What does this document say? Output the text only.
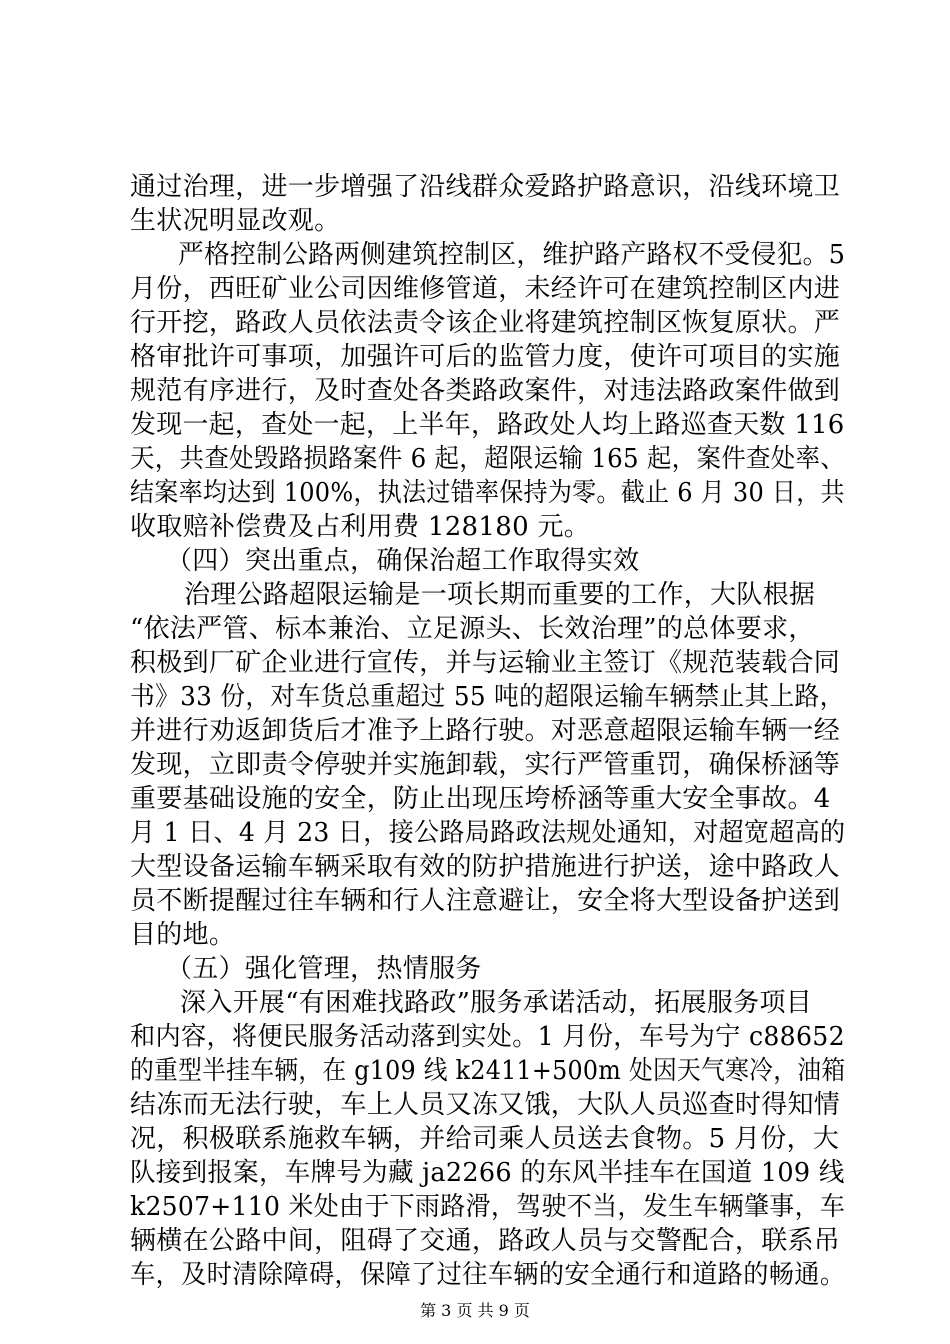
通过治理，进一步增强了沿线群众爱路护路意识，沿线环境卫
生状况明显改观。
严格控制公路两侧建筑控制区，维护路产路权不受侵犯。5
月份，西旺矿业公司因维修管道，未经许可在建筑控制区内进
行开挖，路政人员依法责令该企业将建筑控制区恢复原状。严
格审批许可事项，加强许可后的监管力度，使许可项目的实施
规范有序进行，及时查处各类路政案件，对违法路政案件做到
发现一起，查处一起，上半年，路政处人均上路巡查天数 116
天，共查处毁路损路案件 6 起，超限运输 165 起，案件查处率、
结案率均达到 100%，执法过错率保持为零。截止 6 月 30 日，共
收取赔补偿费及占利用费 128180 元。
（四）突出重点，确保治超工作取得实效
治理公路超限运输是一项长期而重要的工作，大队根据
“依法严管、标本兼治、立足源头、长效治理”的总体要求，
积极到厂矿企业进行宣传，并与运输业主签订《规范装载合同
书》33 份，对车货总重超过 55 吨的超限运输车辆禁止其上路，
并进行劝返卸货后才准予上路行驶。对恶意超限运输车辆一经
发现，立即责令停驶并实施卸载，实行严管重罚，确保桥涵等
重要基础设施的安全，防止出现压垮桥涵等重大安全事故。4
月 1 日、4 月 23 日，接公路局路政法规处通知，对超宽超高的
大型设备运输车辆采取有效的防护措施进行护送，途中路政人
员不断提醒过往车辆和行人注意避让，安全将大型设备护送到
目的地。
（五）强化管理，热情服务
深入开展“有困难找路政”服务承诺活动，拓展服务项目
和内容，将便民服务活动落到实处。1 月份，车号为宁 c88652
的重型半挂车辆，在 g109 线 k2411+500m 处因天气寒冷，油箱
结冻而无法行驶，车上人员又冻又饿，大队人员巡查时得知情
况，积极联系施救车辆，并给司乘人员送去食物。5 月份，大
队接到报案，车牌号为藏 ja2266 的东风半挂车在国道 109 线
k2507+110 米处由于下雨路滑，驾驶不当，发生车辆肇事，车
辆横在公路中间，阻碍了交通，路政人员与交警配合，联系吊
车，及时清除障碍，保障了过往车辆的安全通行和道路的畅通。
第 3 页 共 9 页
